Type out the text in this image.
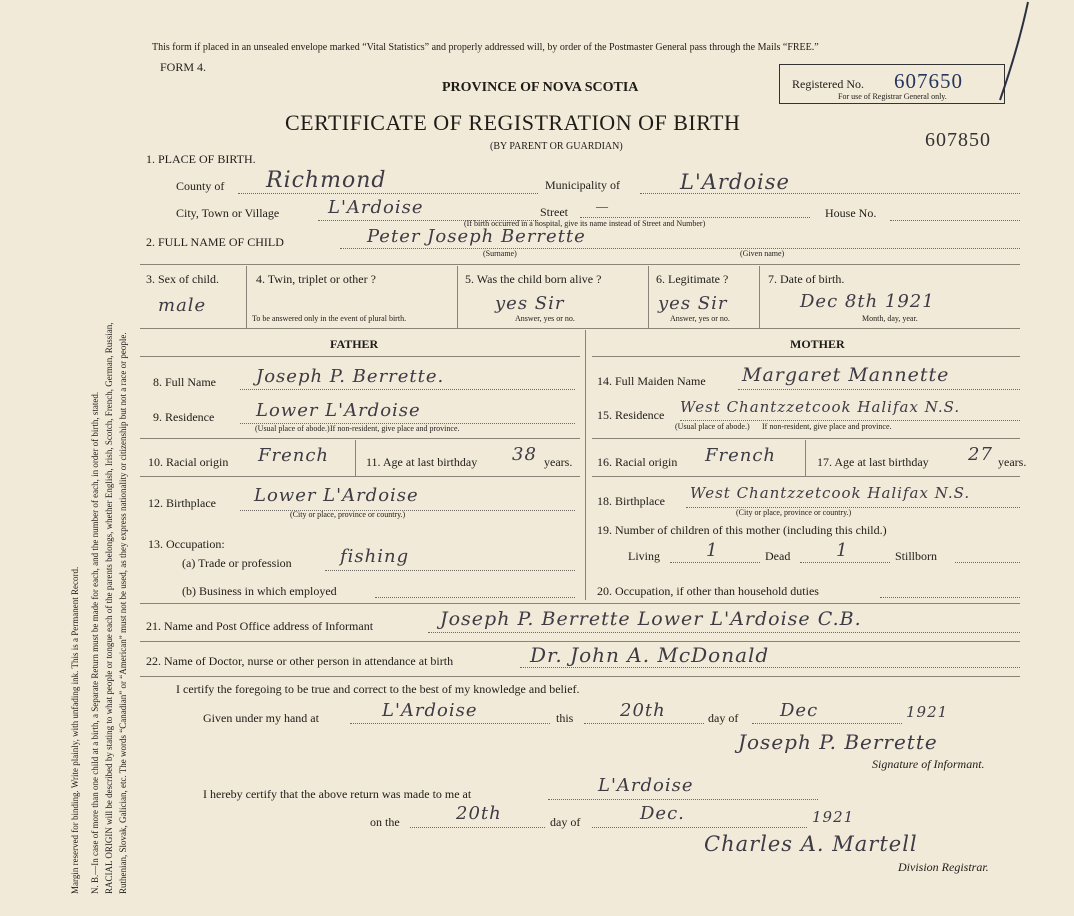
Margin reserved for binding. Write plainly, with unfading ink. This is a Permanent Record. N. B.—In case of more than one child at a birth, a Separate Return must be made for each, and the number of each, in order of birth, stated. RACIAL ORIGIN will be described by stating to what people or tongue each of the parents belongs, whether English, Irish, Scotch, French, German, Russian, Ruthenian, Slovak, Galician, etc. The words “Canadian” or “American” must not be used, as they express nationality or citizenship but not a race or people.
This form if placed in an unsealed envelope marked “Vital Statistics” and properly addressed will, by order of the Postmaster General pass through the Mails “FREE.”
FORM 4.
PROVINCE OF NOVA SCOTIA
CERTIFICATE OF REGISTRATION OF BIRTH
(BY PARENT OR GUARDIAN)
Registered No. 607650
For use of Registrar General only.
607850
1. PLACE OF BIRTH.
County of Richmond	Municipality of	L'Ardoise
City, Town or Village	L'Ardoise	Street —	House No.
(If birth occurred in a hospital, give its name instead of Street and Number)
2. FULL NAME OF CHILD	Peter Joseph Berrette
(Surname)	(Given name)
3. Sex of child.
male
4. Twin, triplet or other ?
To be answered only in the event of plural birth.
5. Was the child born alive ?
yes Sir
Answer, yes or no.
6. Legitimate ?
yes Sir
Answer, yes or no.
7. Date of birth.
Dec 8th 1921
Month, day, year.
FATHER	MOTHER
8. Full Name Joseph P. Berrette.
9. Residence Lower L'Ardoise
(Usual place of abode.) If non-resident, give place and province.
10. Racial origin French	11. Age at last birthday 38 years.
12. Birthplace Lower L'Ardoise
(City or place, province or country.)
13. Occupation:
(a) Trade or profession	fishing
(b) Business in which employed
14. Full Maiden Name Margaret Mannette
15. Residence West Chantzzetcook Halifax N.S.
(Usual place of abode.) If non-resident, give place and province.
16. Racial origin French	17. Age at last birthday 27 years.
18. Birthplace West Chantzzetcook Halifax N.S.
(City or place, province or country.)
19. Number of children of this mother (including this child.)
Living	1	Dead	1	Stillborn
20. Occupation, if other than household duties
21. Name and Post Office address of Informant	Joseph P. Berrette Lower L'Ardoise C.B.
22. Name of Doctor, nurse or other person in attendance at birth	Dr. John A. McDonald
I certify the foregoing to be true and correct to the best of my knowledge and belief.
Given under my hand at	L'Ardoise	this	20th	day of Dec	1921
Joseph P. Berrette
Signature of Informant.
I hereby certify that the above return was made to me at	L'Ardoise
on the	20th	day of	Dec.	1921
Charles A. Martell
Division Registrar.
